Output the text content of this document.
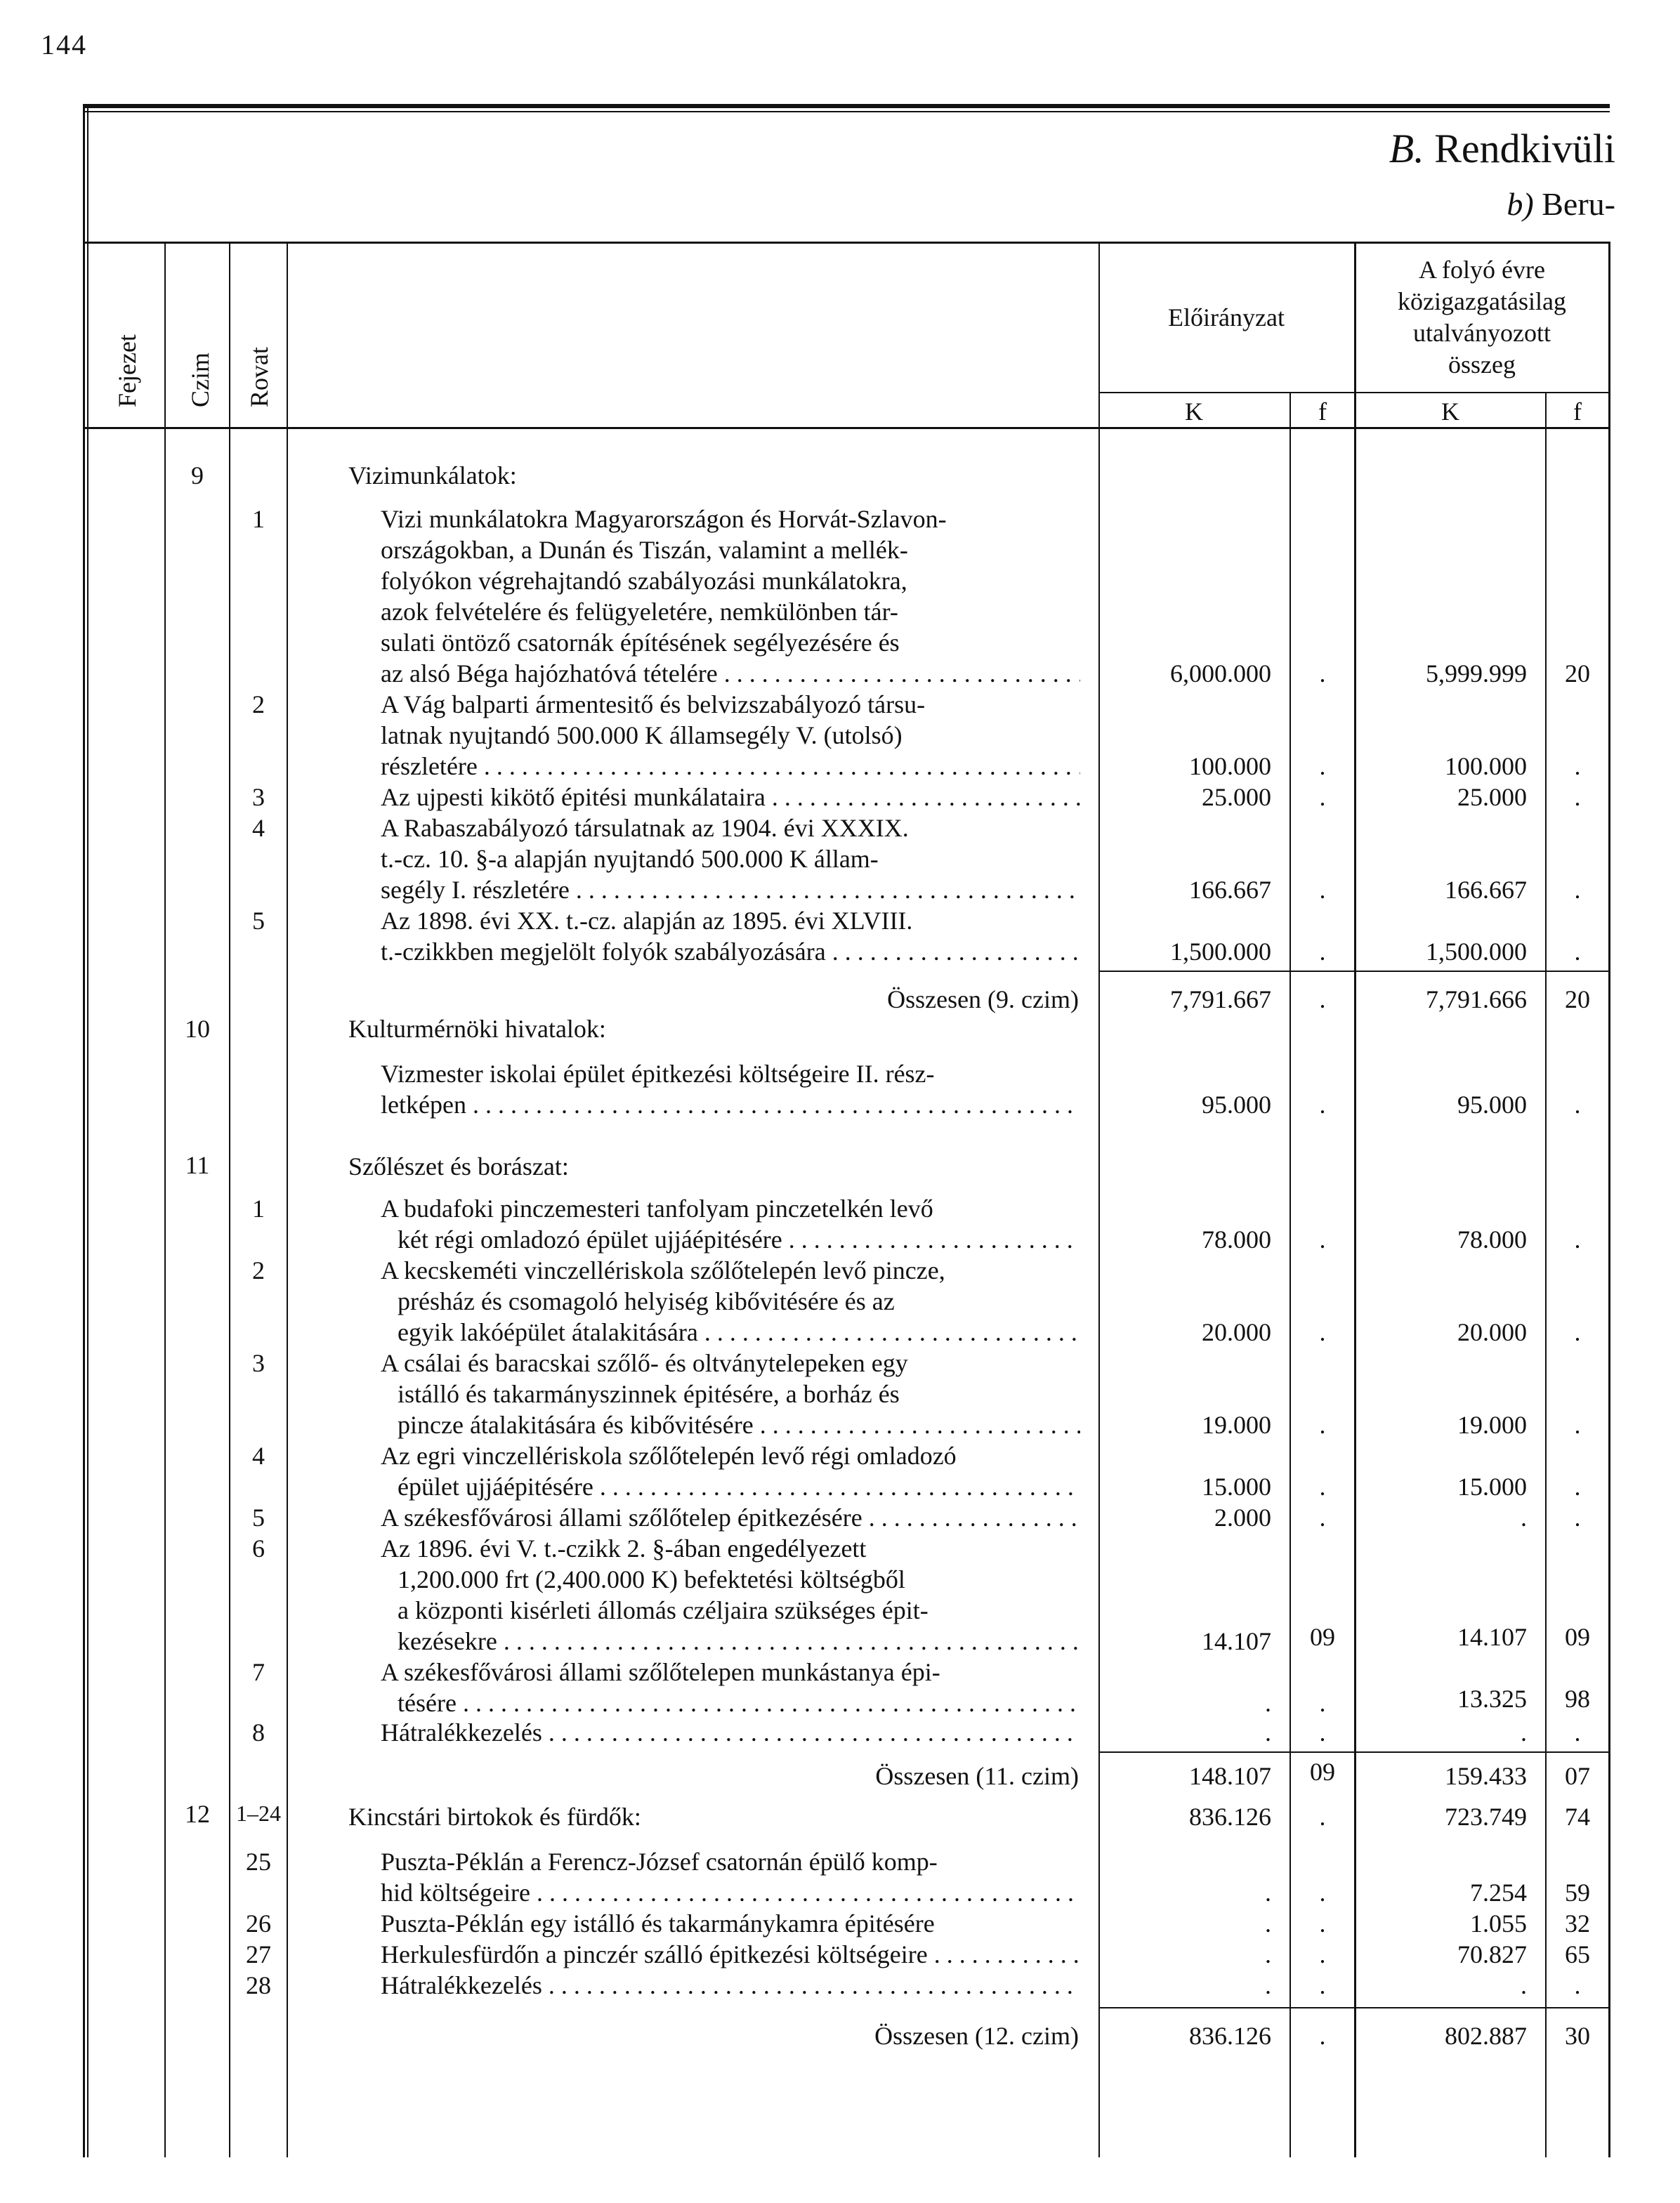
144
B. Rendkivüli
b) Beru-
Fejezet Czim Rovat
Előirányzat
A folyó évre
közigazgatásilag
utalványozott
összeg
K	f	K	f
9	Vizimunkálatok:
1	Vizi munkálatokra Magyarországon és Horvát-Szlavon-
országokban, a Dunán és Tiszán, valamint a mellék-
folyókon végrehajtandó szabályozási munkálatokra,
azok felvételére és felügyeletére, nemkülönben tár-
sulati öntöző csatornák építésének segélyezésére és
az alsó Béga hajózhatóvá tételére . . .	6,000.000	.	5,999.999	20
2	A Vág balparti ármentesitő és belvizszabályozó társu-
latnak nyujtandó 500.000 K államsegély V. (utolsó)
részletére . . .	100.000	.	100.000	.
3	Az ujpesti kikötő épitési munkálataira . . .	25.000	.	25.000	.
4	A Rabaszabályozó társulatnak az 1904. évi XXXIX.
t.-cz. 10. §-a alapján nyujtandó 500.000 K állam-
segély I. részletére . . .	166.667	.	166.667	.
5	Az 1898. évi XX. t.-cz. alapján az 1895. évi XLVIII.
t.-czikkben megjelölt folyók szabályozására . . .	1,500.000	.	1,500.000	.
Összesen (9. czim)	7,791.667	.	7,791.666	20
10	Kulturmérnöki hivatalok:
Vizmester iskolai épület épitkezési költségeire II. rész-
letképen . . .	95.000	.	95.000	.
11	Szőlészet és borászat:
1	A budafoki pinczemesteri tanfolyam pinczetelkén levő
két régi omladozó épület ujjáépitésére . . .	78.000	.	78.000	.
2	A kecskeméti vinczellériskola szőlőtelepén levő pincze,
présház és csomagoló helyiség kibővitésére és az
egyik lakóépület átalakitására . . .	20.000	.	20.000	.
3	A csálai és baracskai szőlő- és oltványtelepeken egy
istálló és takarmányszinnek épitésére, a borház és
pincze átalakitására és kibővitésére . . .	19.000	.	19.000	.
4	Az egri vinczellériskola szőlőtelepén levő régi omladozó
épület ujjáépitésére . . .	15.000	.	15.000	.
5	A székesfővárosi állami szőlőtelep épitkezésére . . .	2.000	.	.	.
6	Az 1896. évi V. t.-czikk 2. §-ában engedélyezett
1,200.000 frt (2,400.000 K) befektetési költségből
a központi kisérleti állomás czéljaira szükséges épit-
kezésekre . . .	14.107	09	14.107	09
7	A székesfővárosi állami szőlőtelepen munkástanya épi-
tésére . . .	.	.	13.325	98
8	Hátralékkezelés . . .	.	.	.	.
Összesen (11. czim)	148.107	09	159.433	07
12	1–24	Kincstári birtokok és fürdők:	836.126	.	723.749	74
25	Puszta-Péklán a Ferencz-József csatornán épülő komp-
hid költségeire . . .	.	.	7.254	59
26	Puszta-Péklán egy istálló és takarmánykamra épitésére	.	.	1.055	32
27	Herkulesfürdőn a pinczér szálló épitkezési költségeire . . .	.	.	70.827	65
28	Hátralékkezelés . . .	.	.	.	.
Összesen (12. czim)	836.126	.	802.887	30
